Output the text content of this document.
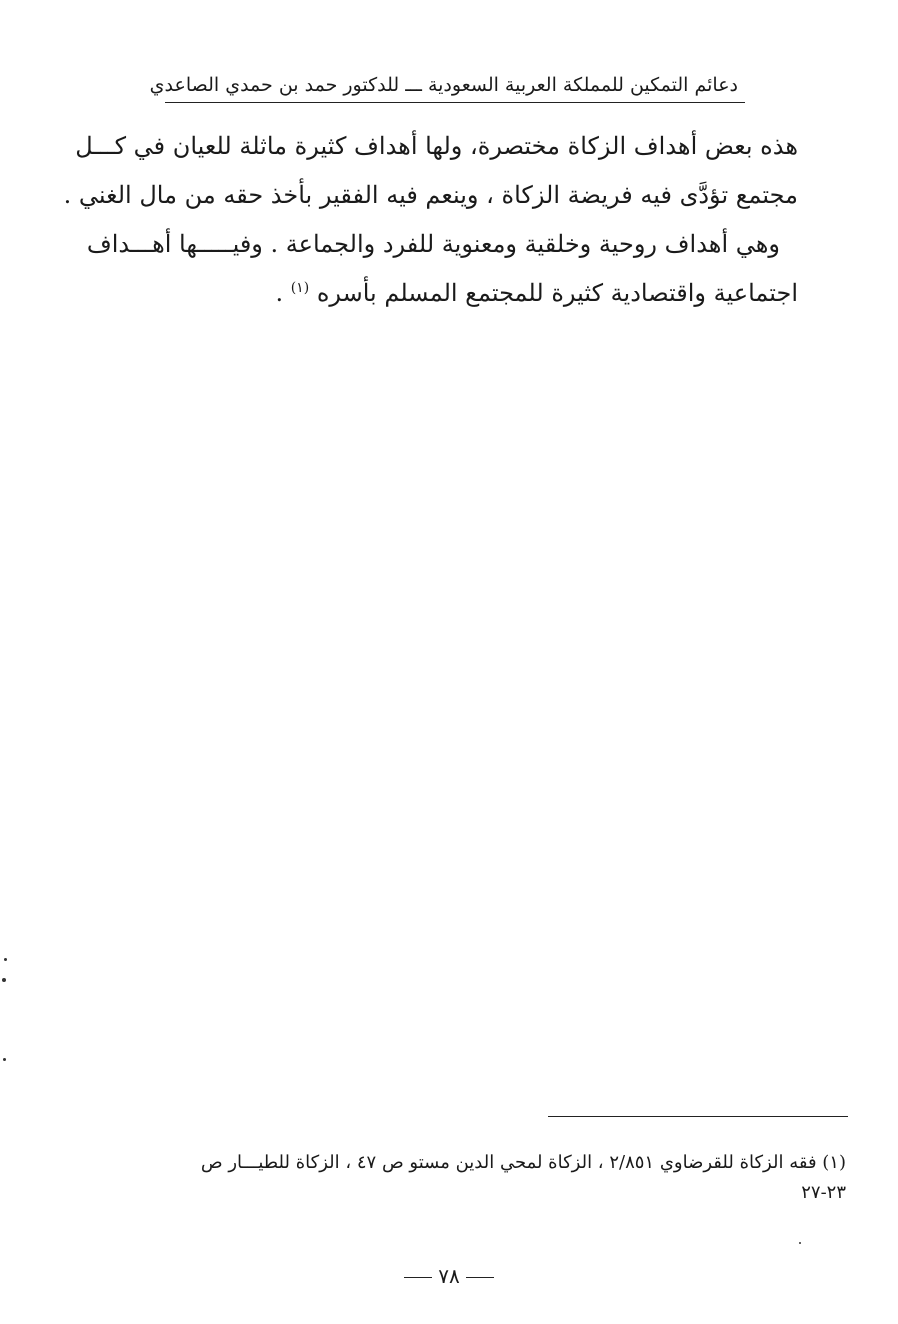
دعائم التمكين للمملكة العربية السعودية ـــ للدكتور حمد بن حمدي الصاعدي

هذه بعض أهداف الزكاة مختصرة، ولها أهداف كثيرة ماثلة للعيان في كـــل
مجتمع تؤدَّى فيه فريضة الزكاة ، وينعم فيه الفقير بأخذ حقه من مال الغني .

وهي أهداف روحية وخلقية ومعنوية للفرد والجماعة . وفيـــــها أهـــداف
اجتماعية واقتصادية كثيرة للمجتمع المسلم بأسره $^{(١)}$ .

(١) فقه الزكاة للقرضاوي ٢/٨٥١ ، الزكاة لمحي الدين مستو ص ٤٧ ، الزكاة للطيـــار ص
٢٣-٢٧
٧٨
